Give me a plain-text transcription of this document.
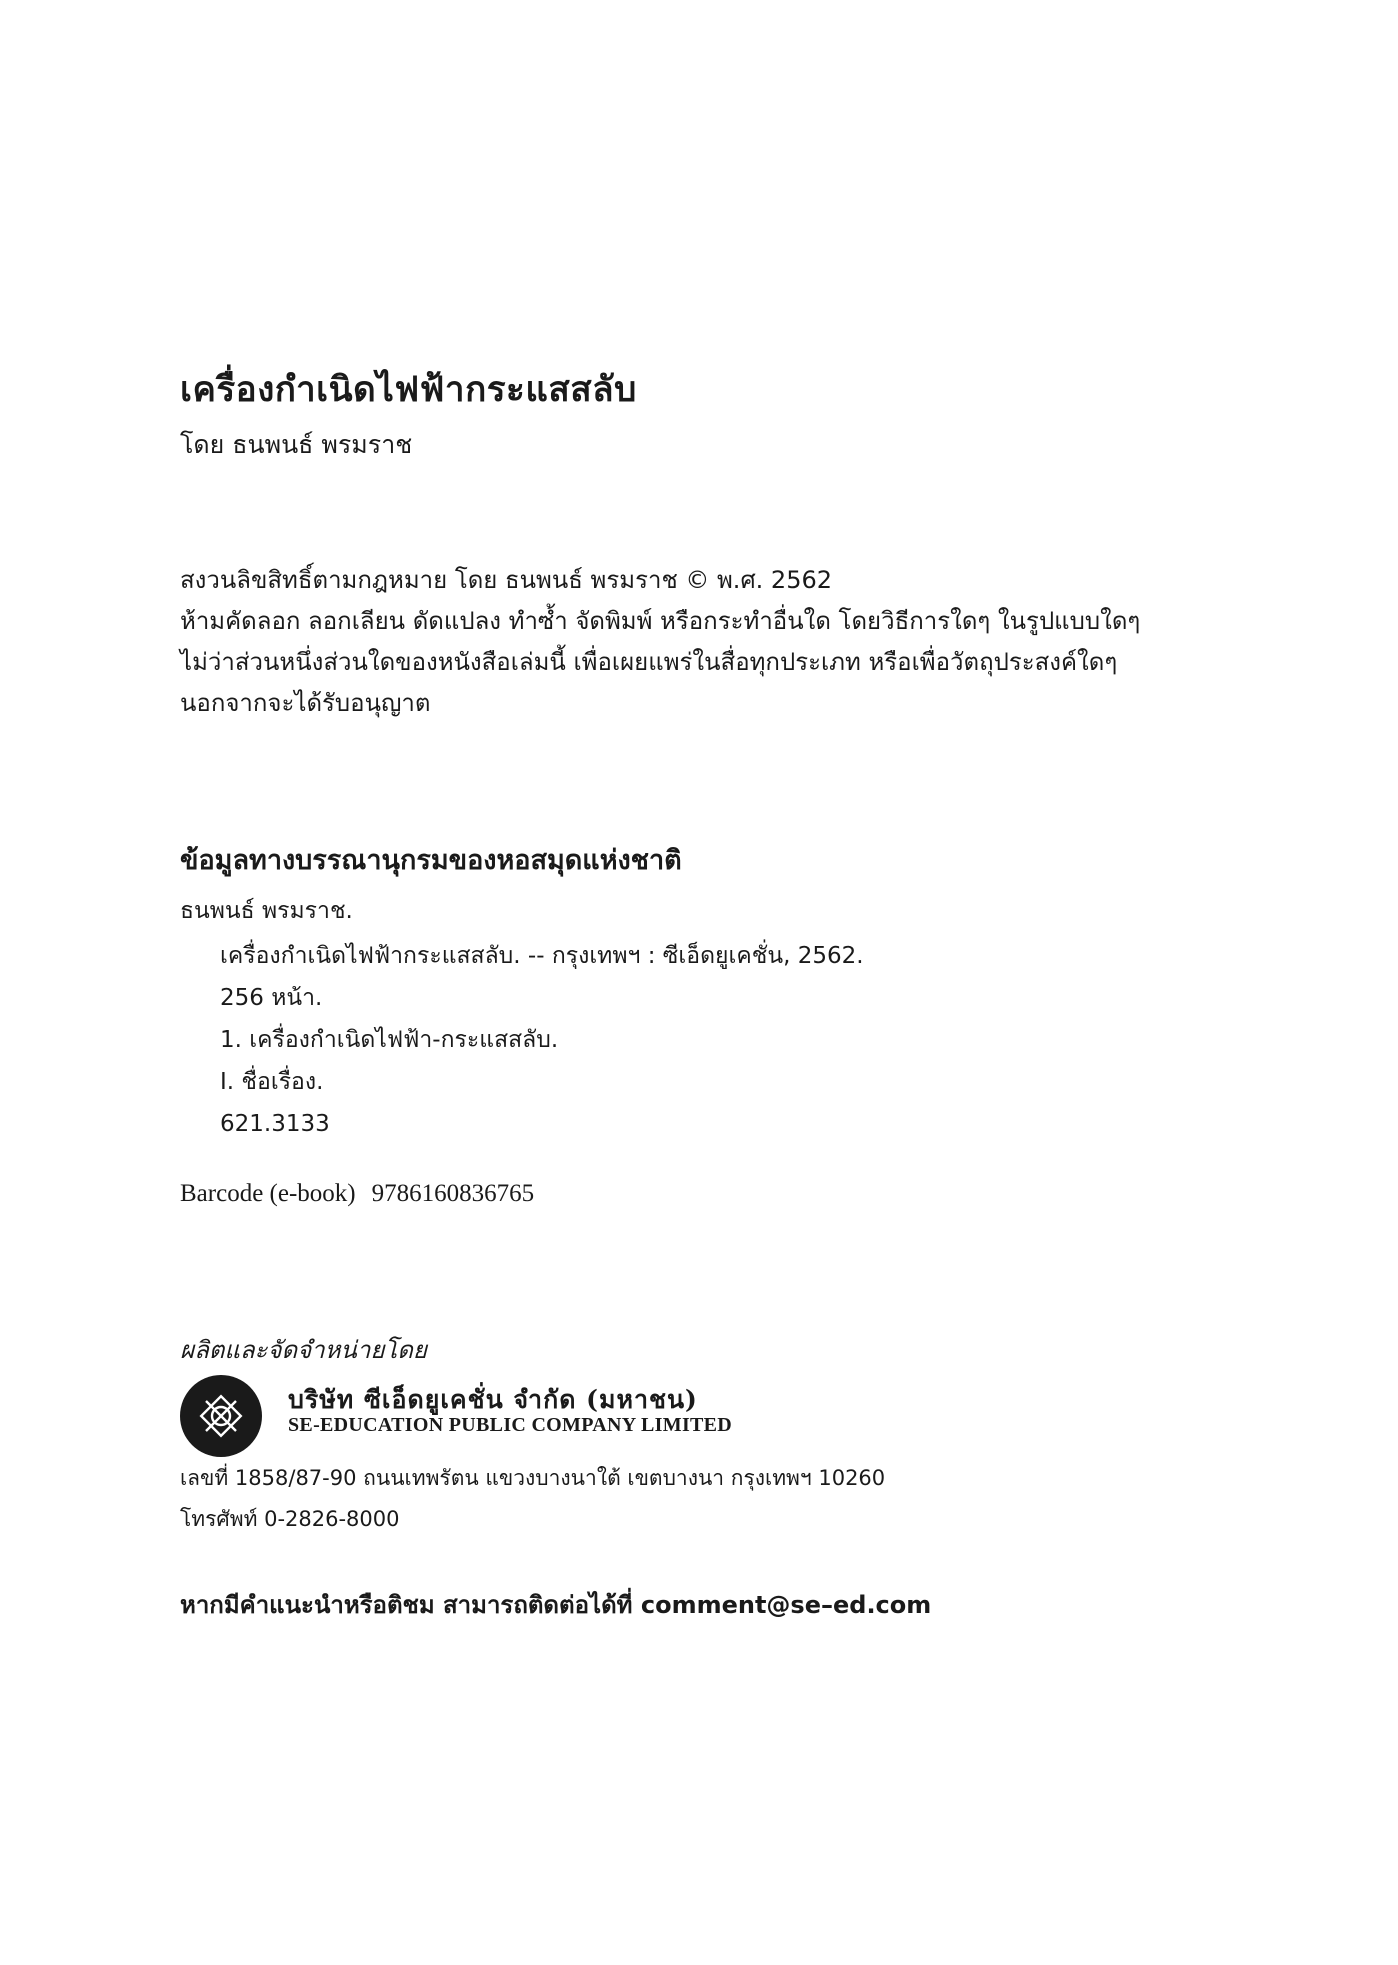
เครื่องกำเนิดไฟฟ้ากระแสสลับ
โดย ธนพนธ์ พรมราช
สงวนลิขสิทธิ์ตามกฎหมาย โดย ธนพนธ์ พรมราช © พ.ศ. 2562
ห้ามคัดลอก ลอกเลียน ดัดแปลง ทำซ้ำ จัดพิมพ์ หรือกระทำอื่นใด โดยวิธีการใดๆ ในรูปแบบใดๆ
ไม่ว่าส่วนหนึ่งส่วนใดของหนังสือเล่มนี้ เพื่อเผยแพร่ในสื่อทุกประเภท หรือเพื่อวัตถุประสงค์ใดๆ
นอกจากจะได้รับอนุญาต
ข้อมูลทางบรรณานุกรมของหอสมุดแห่งชาติ
ธนพนธ์ พรมราช.
เครื่องกำเนิดไฟฟ้ากระแสสลับ. -- กรุงเทพฯ : ซีเอ็ดยูเคชั่น, 2562.
256 หน้า.
1. เครื่องกำเนิดไฟฟ้า-กระแสสลับ.
I. ชื่อเรื่อง.
621.3133
Barcode (e-book) 9786160836765
ผลิตและจัดจำหน่ายโดย
บริษัท ซีเอ็ดยูเคชั่น จำกัด (มหาชน)
SE-EDUCATION PUBLIC COMPANY LIMITED
เลขที่ 1858/87-90 ถนนเทพรัตน แขวงบางนาใต้ เขตบางนา กรุงเทพฯ 10260
โทรศัพท์ 0-2826-8000
หากมีคำแนะนำหรือติชม สามารถติดต่อได้ที่ comment@se–ed.com
